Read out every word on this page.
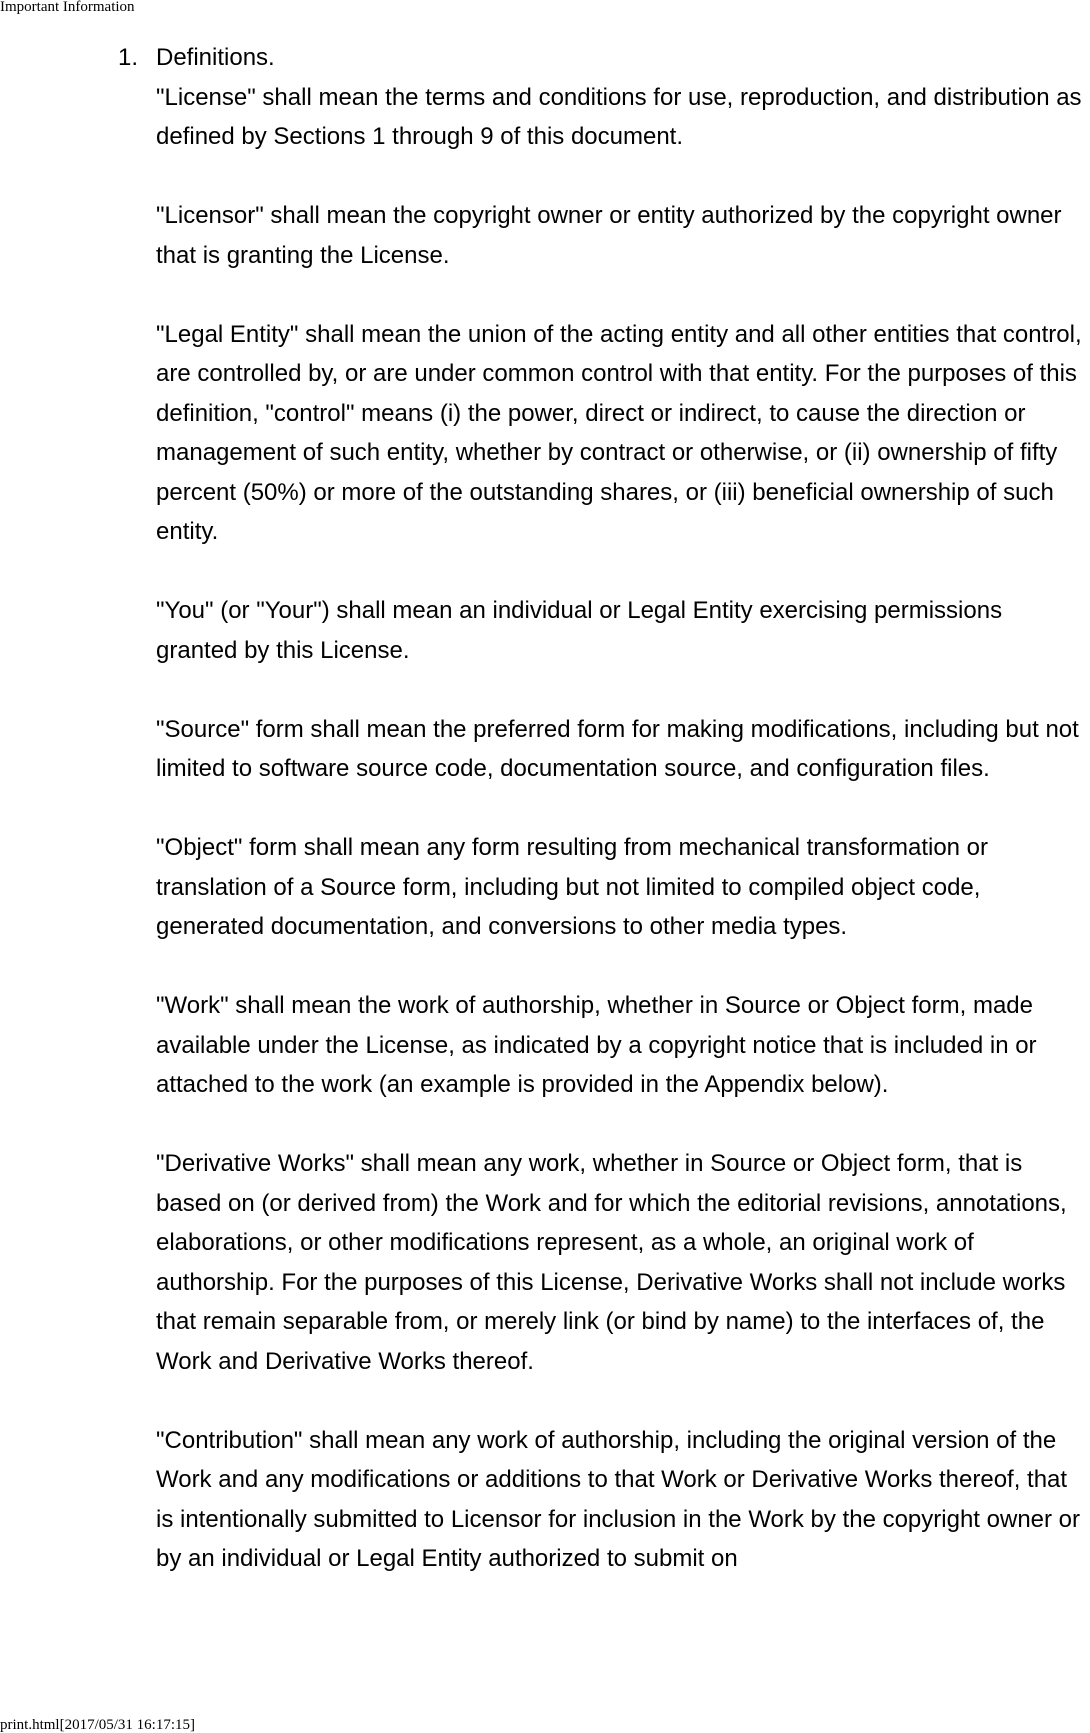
Important Information
1. Definitions.

"License" shall mean the terms and conditions for use, reproduction, and distribution as defined by Sections 1 through 9 of this document.

"Licensor" shall mean the copyright owner or entity authorized by the copyright owner that is granting the License.

"Legal Entity" shall mean the union of the acting entity and all other entities that control, are controlled by, or are under common control with that entity. For the purposes of this definition, "control" means (i) the power, direct or indirect, to cause the direction or management of such entity, whether by contract or otherwise, or (ii) ownership of fifty percent (50%) or more of the outstanding shares, or (iii) beneficial ownership of such entity.

"You" (or "Your") shall mean an individual or Legal Entity exercising permissions granted by this License.

"Source" form shall mean the preferred form for making modifications, including but not limited to software source code, documentation source, and configuration files.

"Object" form shall mean any form resulting from mechanical transformation or translation of a Source form, including but not limited to compiled object code, generated documentation, and conversions to other media types.

"Work" shall mean the work of authorship, whether in Source or Object form, made available under the License, as indicated by a copyright notice that is included in or attached to the work (an example is provided in the Appendix below).

"Derivative Works" shall mean any work, whether in Source or Object form, that is based on (or derived from) the Work and for which the editorial revisions, annotations, elaborations, or other modifications represent, as a whole, an original work of authorship. For the purposes of this License, Derivative Works shall not include works that remain separable from, or merely link (or bind by name) to the interfaces of, the Work and Derivative Works thereof.

"Contribution" shall mean any work of authorship, including the original version of the Work and any modifications or additions to that Work or Derivative Works thereof, that is intentionally submitted to Licensor for inclusion in the Work by the copyright owner or by an individual or Legal Entity authorized to submit on

print.html[2017/05/31 16:17:15]
